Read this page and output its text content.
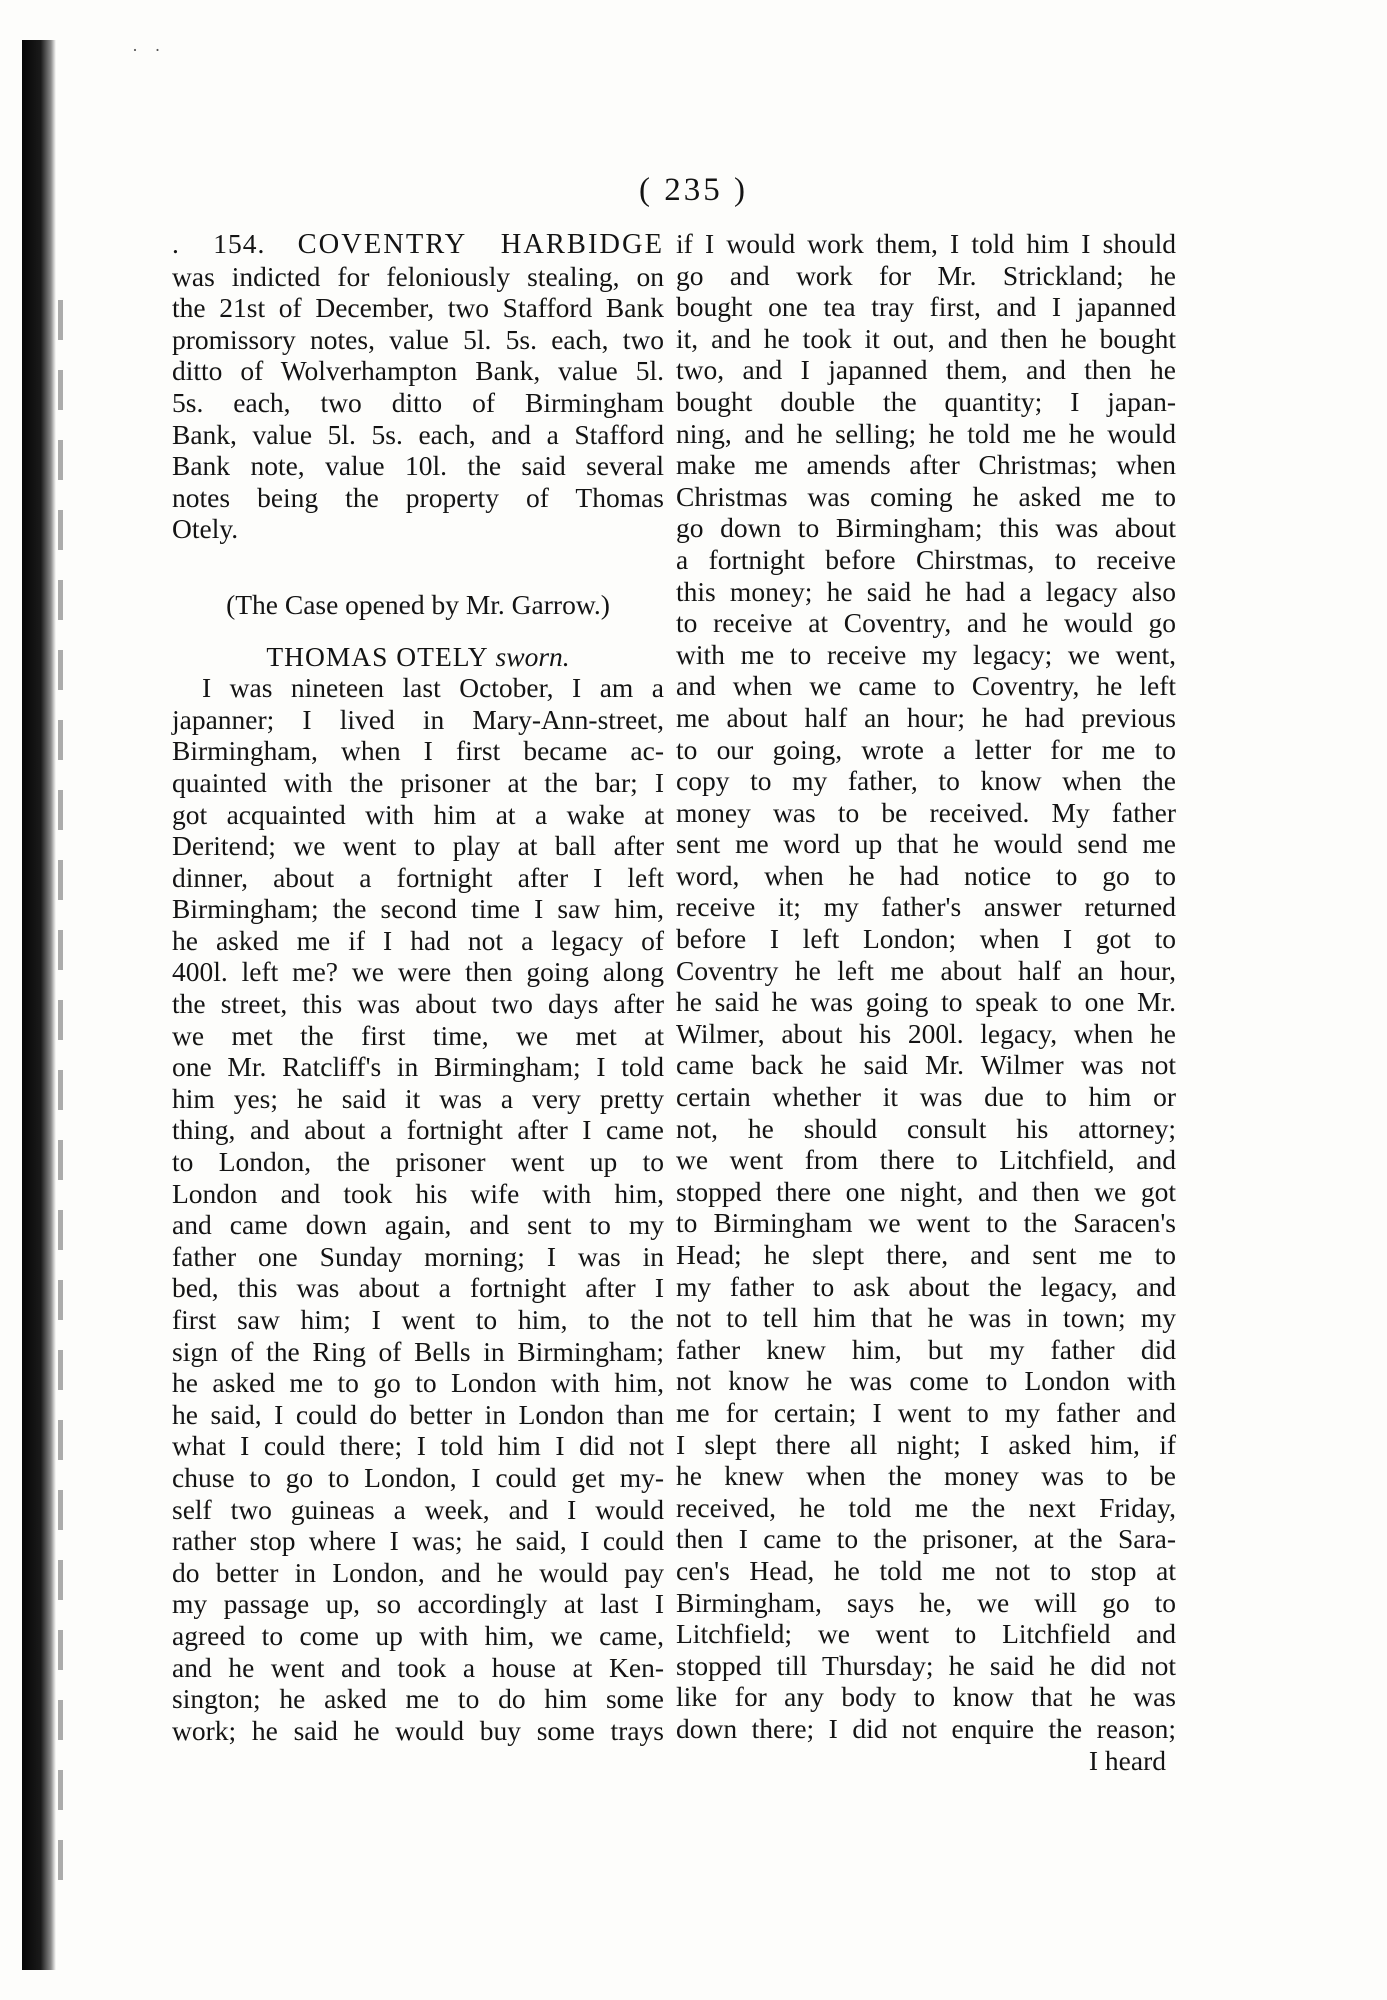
· ·
( 235 )
. 154. COVENTRY HARBIDGE
was indicted for feloniously stealing, on
the 21st of December, two Stafford Bank
promissory notes, value 5l. 5s. each, two
ditto of Wolverhampton Bank, value 5l.
5s. each, two ditto of Birmingham
Bank, value 5l. 5s. each, and a Stafford
Bank note, value 10l. the said several
notes being the property of Thomas
Otely.
(The Case opened by Mr. Garrow.)
THOMAS OTELY sworn.
I was nineteen last October, I am a
japanner; I lived in Mary-Ann-street,
Birmingham, when I first became ac-
quainted with the prisoner at the bar; I
got acquainted with him at a wake at
Deritend; we went to play at ball after
dinner, about a fortnight after I left
Birmingham; the second time I saw him,
he asked me if I had not a legacy of
400l. left me? we were then going along
the street, this was about two days after
we met the first time, we met at
one Mr. Ratcliff's in Birmingham; I told
him yes; he said it was a very pretty
thing, and about a fortnight after I came
to London, the prisoner went up to
London and took his wife with him,
and came down again, and sent to my
father one Sunday morning; I was in
bed, this was about a fortnight after I
first saw him; I went to him, to the
sign of the Ring of Bells in Birmingham;
he asked me to go to London with him,
he said, I could do better in London than
what I could there; I told him I did not
chuse to go to London, I could get my-
self two guineas a week, and I would
rather stop where I was; he said, I could
do better in London, and he would pay
my passage up, so accordingly at last I
agreed to come up with him, we came,
and he went and took a house at Ken-
sington; he asked me to do him some
work; he said he would buy some trays
if I would work them, I told him I should
go and work for Mr. Strickland; he
bought one tea tray first, and I japanned
it, and he took it out, and then he bought
two, and I japanned them, and then he
bought double the quantity; I japan-
ning, and he selling; he told me he would
make me amends after Christmas; when
Christmas was coming he asked me to
go down to Birmingham; this was about
a fortnight before Chirstmas, to receive
this money; he said he had a legacy also
to receive at Coventry, and he would go
with me to receive my legacy; we went,
and when we came to Coventry, he left
me about half an hour; he had previous
to our going, wrote a letter for me to
copy to my father, to know when the
money was to be received. My father
sent me word up that he would send me
word, when he had notice to go to
receive it; my father's answer returned
before I left London; when I got to
Coventry he left me about half an hour,
he said he was going to speak to one Mr.
Wilmer, about his 200l. legacy, when he
came back he said Mr. Wilmer was not
certain whether it was due to him or
not, he should consult his attorney;
we went from there to Litchfield, and
stopped there one night, and then we got
to Birmingham we went to the Saracen's
Head; he slept there, and sent me to
my father to ask about the legacy, and
not to tell him that he was in town; my
father knew him, but my father did
not know he was come to London with
me for certain; I went to my father and
I slept there all night; I asked him, if
he knew when the money was to be
received, he told me the next Friday,
then I came to the prisoner, at the Sara-
cen's Head, he told me not to stop at
Birmingham, says he, we will go to
Litchfield; we went to Litchfield and
stopped till Thursday; he said he did not
like for any body to know that he was
down there; I did not enquire the reason;
I heard
